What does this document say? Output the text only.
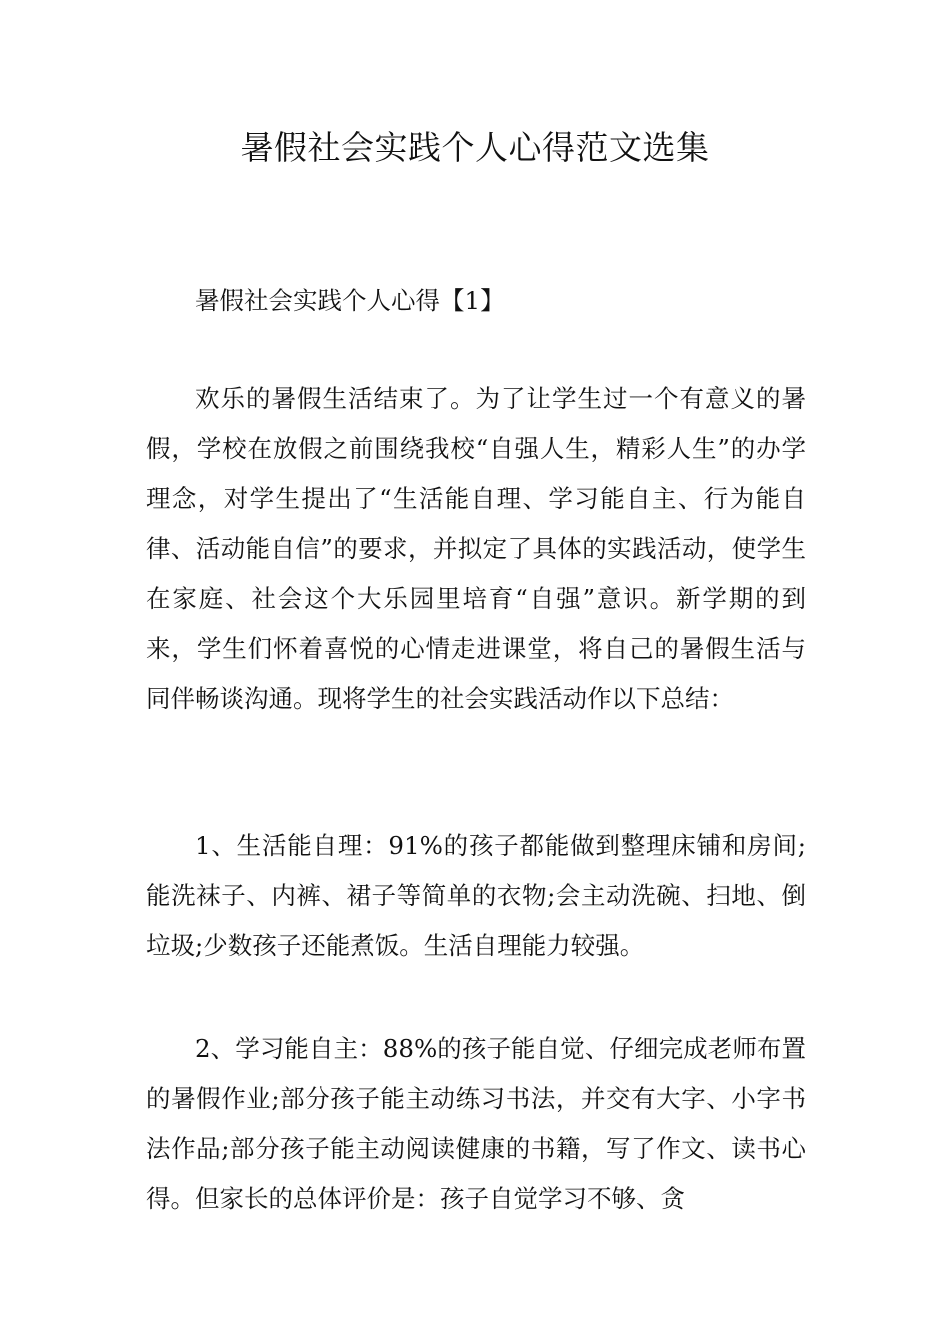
暑假社会实践个人心得范文选集

暑假社会实践个人心得【1】

欢乐的暑假生活结束了。为了让学生过一个有意义的暑假，学校在放假之前围绕我校“自强人生，精彩人生”的办学理念，对学生提出了“生活能自理、学习能自主、行为能自律、活动能自信”的要求，并拟定了具体的实践活动，使学生在家庭、社会这个大乐园里培育“自强”意识。新学期的到来，学生们怀着喜悦的心情走进课堂，将自己的暑假生活与同伴畅谈沟通。现将学生的社会实践活动作以下总结：

1、生活能自理：91%的孩子都能做到整理床铺和房间;能洗袜子、内裤、裙子等简单的衣物;会主动洗碗、扫地、倒垃圾;少数孩子还能煮饭。生活自理能力较强。

2、学习能自主：88%的孩子能自觉、仔细完成老师布置的暑假作业;部分孩子能主动练习书法，并交有大字、小字书法作品;部分孩子能主动阅读健康的书籍，写了作文、读书心得。但家长的总体评价是：孩子自觉学习不够、贪
